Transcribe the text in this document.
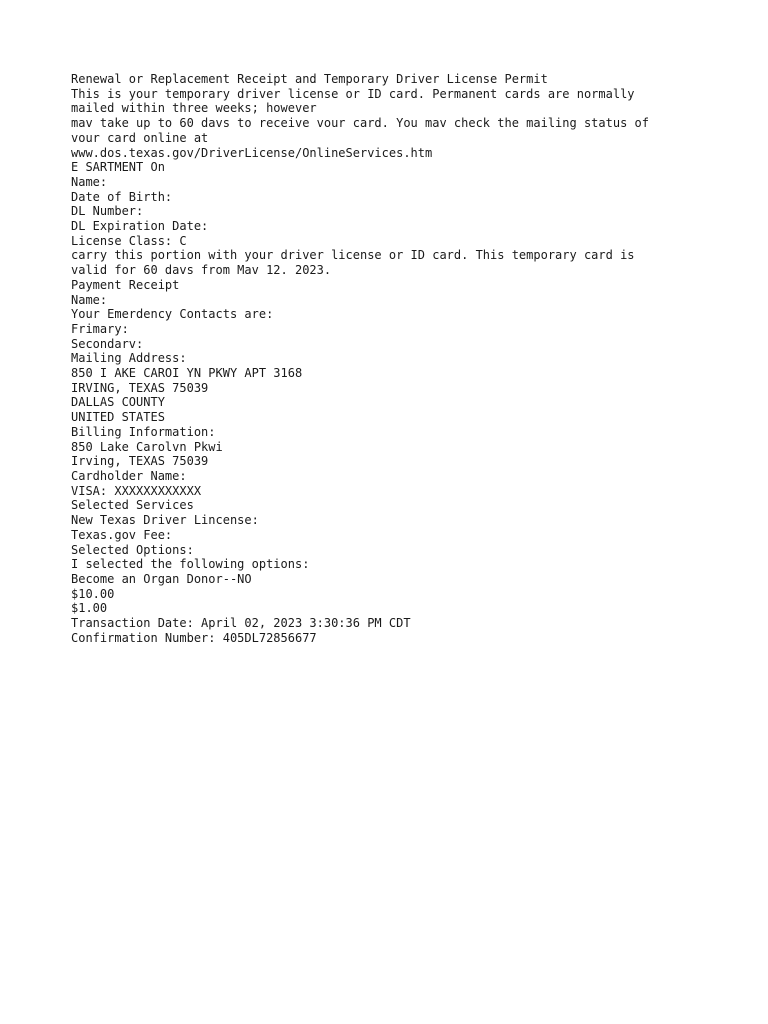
Renewal or Replacement Receipt and Temporary Driver License Permit
This is your temporary driver license or ID card. Permanent cards are normally
mailed within three weeks; however
mav take up to 60 davs to receive vour card. You mav check the mailing status of
vour card online at
www.dos.texas.gov/DriverLicense/OnlineServices.htm
E SARTMENT On
Name:
Date of Birth:
DL Number:
DL Expiration Date:
License Class: C
carry this portion with your driver license or ID card. This temporary card is
valid for 60 davs from Mav 12. 2023.
Payment Receipt
Name:
Your Emerdency Contacts are:
Frimary:
Secondarv:
Mailing Address:
850 I AKE CAROI YN PKWY APT 3168
IRVING, TEXAS 75039
DALLAS COUNTY
UNITED STATES
Billing Information:
850 Lake Carolvn Pkwi
Irving, TEXAS 75039
Cardholder Name:
VISA: XXXXXXXXXXXX
Selected Services
New Texas Driver Lincense:
Texas.gov Fee:
Selected Options:
I selected the following options:
Become an Organ Donor--NO
$10.00
$1.00
Transaction Date: April 02, 2023 3:30:36 PM CDT
Confirmation Number: 405DL72856677
